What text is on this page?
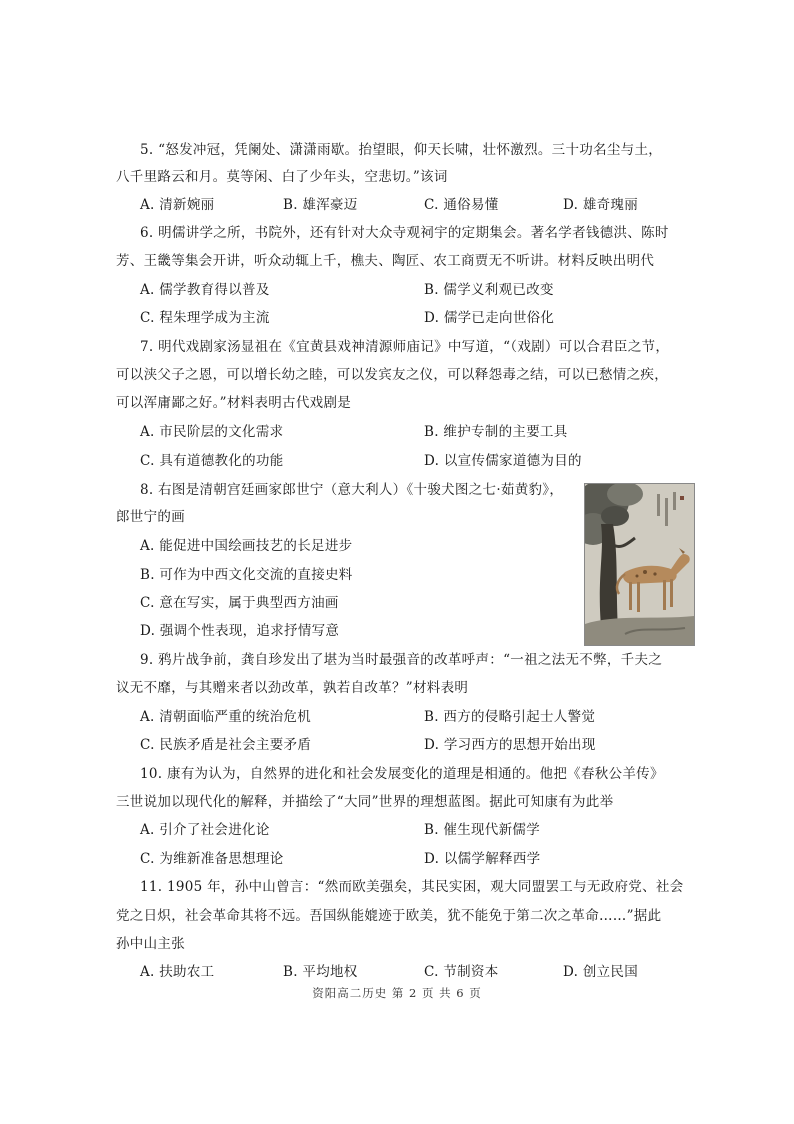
5. “怒发冲冠，凭阑处、潇潇雨歇。抬望眼，仰天长啸，壮怀激烈。三十功名尘与土，
八千里路云和月。莫等闲、白了少年头，空悲切。”该词
A. 清新婉丽	B. 雄浑豪迈	C. 通俗易懂	D. 雄奇瑰丽
6. 明儒讲学之所，书院外，还有针对大众寺观祠宇的定期集会。著名学者钱德洪、陈时
芳、王畿等集会开讲，听众动辄上千，樵夫、陶匠、农工商贾无不听讲。材料反映出明代
A. 儒学教育得以普及	B. 儒学义利观已改变
C. 程朱理学成为主流	D. 儒学已走向世俗化
7. 明代戏剧家汤显祖在《宜黄县戏神清源师庙记》中写道，“（戏剧）可以合君臣之节，
可以浃父子之恩，可以增长幼之睦，可以发宾友之仪，可以释怨毒之结，可以已愁情之疾，
可以浑庸鄙之好。”材料表明古代戏剧是
A. 市民阶层的文化需求	B. 维护专制的主要工具
C. 具有道德教化的功能	D. 以宣传儒家道德为目的
8. 右图是清朝宫廷画家郎世宁（意大利人）《十骏犬图之七·茹黄豹》，
郎世宁的画
A. 能促进中国绘画技艺的长足进步
B. 可作为中西文化交流的直接史料
C. 意在写实，属于典型西方油画
D. 强调个性表现，追求抒情写意
9. 鸦片战争前，龚自珍发出了堪为当时最强音的改革呼声：“一祖之法无不弊，千夫之
议无不靡，与其赠来者以劲改革，孰若自改革？”材料表明
A. 清朝面临严重的统治危机	B. 西方的侵略引起士人警觉
C. 民族矛盾是社会主要矛盾	D. 学习西方的思想开始出现
10. 康有为认为，自然界的进化和社会发展变化的道理是相通的。他把《春秋公羊传》
三世说加以现代化的解释，并描绘了“大同”世界的理想蓝图。据此可知康有为此举
A. 引介了社会进化论	B. 催生现代新儒学
C. 为维新准备思想理论	D. 以儒学解释西学
11. 1905 年，孙中山曾言：“然而欧美强矣，其民实困，观大同盟罢工与无政府党、社会
党之日炽，社会革命其将不远。吾国纵能媲迹于欧美，犹不能免于第二次之革命……”据此
孙中山主张
A. 扶助农工	B. 平均地权	C. 节制资本	D. 创立民国
资阳高二历史 第 2 页 共 6 页
